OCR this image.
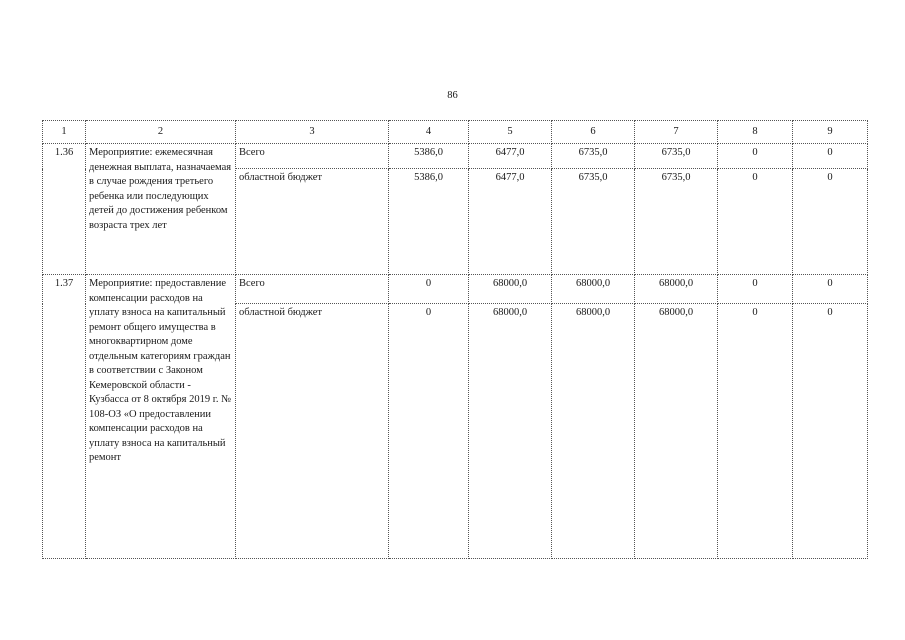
86
1	2	3	4	5	6	7	8	9
1.36	Мероприятие: ежемесячная денежная выплата, назначаемая в случае рождения третьего ребенка или последующих детей до достижения ребенком возраста трех лет	Всего	5386,0	6477,0	6735,0	6735,0	0	0
		областной бюджет	5386,0	6477,0	6735,0	6735,0	0	0
1.37	Мероприятие: предоставление компенсации расходов на уплату взноса на капитальный ремонт общего имущества в многоквартирном доме отдельным категориям граждан в соответствии с Законом Кемеровской области - Кузбасса от 8 октября 2019 г. № 108-ОЗ «О предоставлении компенсации расходов на уплату взноса на капитальный ремонт	Всего	0	68000,0	68000,0	68000,0	0	0
		областной бюджет	0	68000,0	68000,0	68000,0	0	0
